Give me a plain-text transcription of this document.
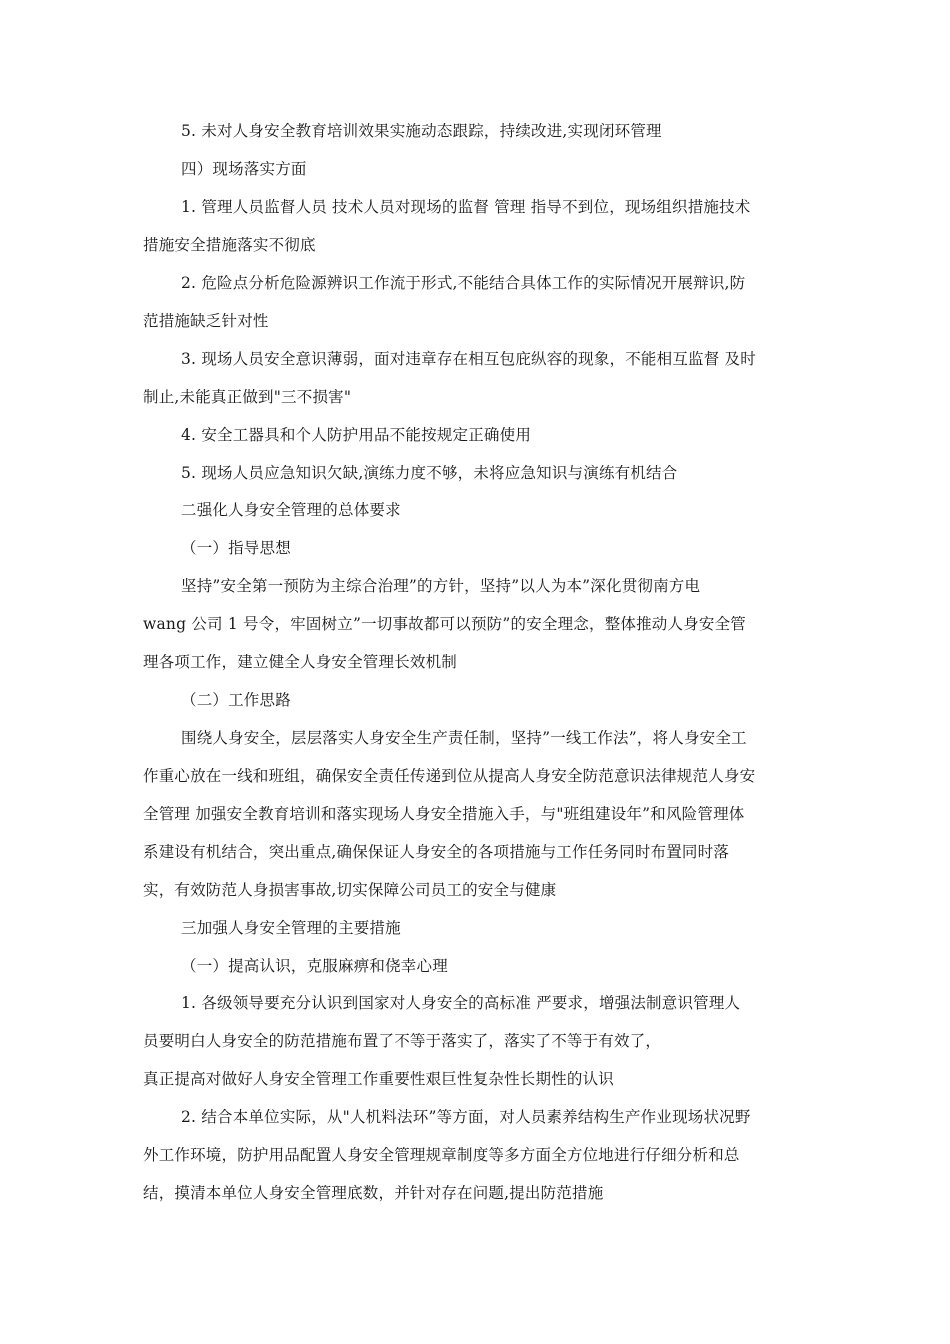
5. 未对人身安全教育培训效果实施动态跟踪，持续改进,实现闭环管理
四）现场落实方面
1. 管理人员监督人员 技术人员对现场的监督 管理 指导不到位，现场组织措施技术
措施安全措施落实不彻底
2. 危险点分析危险源辨识工作流于形式,不能结合具体工作的实际情况开展辩识,防
范措施缺乏针对性
3. 现场人员安全意识薄弱，面对违章存在相互包庇纵容的现象，不能相互监督 及时
制止,未能真正做到"三不损害"
4. 安全工器具和个人防护用品不能按规定正确使用
5. 现场人员应急知识欠缺,演练力度不够，未将应急知识与演练有机结合
二强化人身安全管理的总体要求
（一）指导思想
坚持”安全第一预防为主综合治理”的方针，坚持”以人为本”深化贯彻南方电
wang 公司 1 号令，牢固树立”一切事故都可以预防”的安全理念，整体推动人身安全管
理各项工作，建立健全人身安全管理长效机制
（二）工作思路
围绕人身安全，层层落实人身安全生产责任制，坚持”一线工作法”，将人身安全工
作重心放在一线和班组，确保安全责任传递到位从提高人身安全防范意识法律规范人身安
全管理 加强安全教育培训和落实现场人身安全措施入手，与"班组建设年”和风险管理体
系建设有机结合，突出重点,确保保证人身安全的各项措施与工作任务同时布置同时落
实，有效防范人身损害事故,切实保障公司员工的安全与健康
三加强人身安全管理的主要措施
（一）提高认识，克服麻痹和侥幸心理
1. 各级领导要充分认识到国家对人身安全的高标准 严要求，增强法制意识管理人
员要明白人身安全的防范措施布置了不等于落实了，落实了不等于有效了，
真正提高对做好人身安全管理工作重要性艰巨性复杂性长期性的认识
2. 结合本单位实际，从"人机料法环”等方面，对人员素养结构生产作业现场状况野
外工作环境，防护用品配置人身安全管理规章制度等多方面全方位地进行仔细分析和总
结，摸清本单位人身安全管理底数，并针对存在问题,提出防范措施
